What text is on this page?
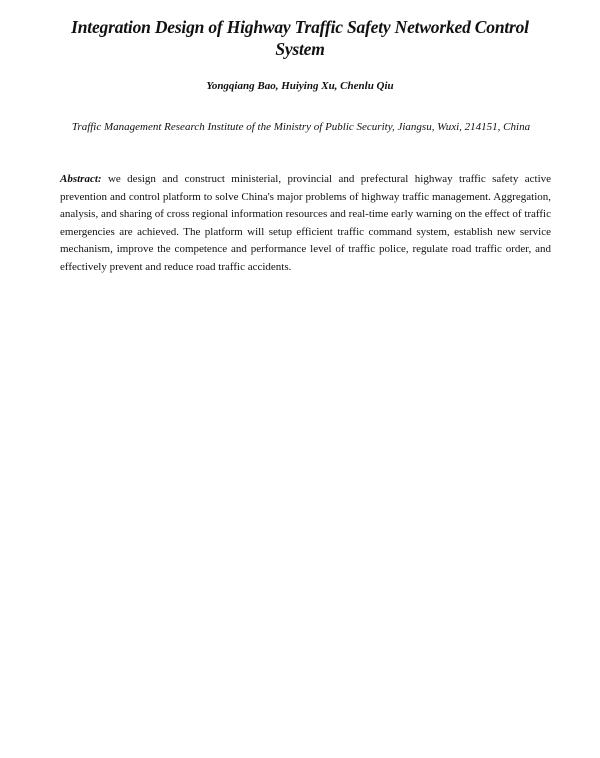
Integration Design of Highway Traffic Safety Networked Control System
Yongqiang Bao, Huiying Xu, Chenlu Qiu
Traffic Management Research Institute of the Ministry of Public Security, Jiangsu, Wuxi, 214151, China
Abstract: we design and construct ministerial, provincial and prefectural highway traffic safety active prevention and control platform to solve China's major problems of highway traffic management. Aggregation, analysis, and sharing of cross regional information resources and real-time early warning on the effect of traffic emergencies are achieved. The platform will setup efficient traffic command system, establish new service mechanism, improve the competence and performance level of traffic police, regulate road traffic order, and effectively prevent and reduce road traffic accidents.
